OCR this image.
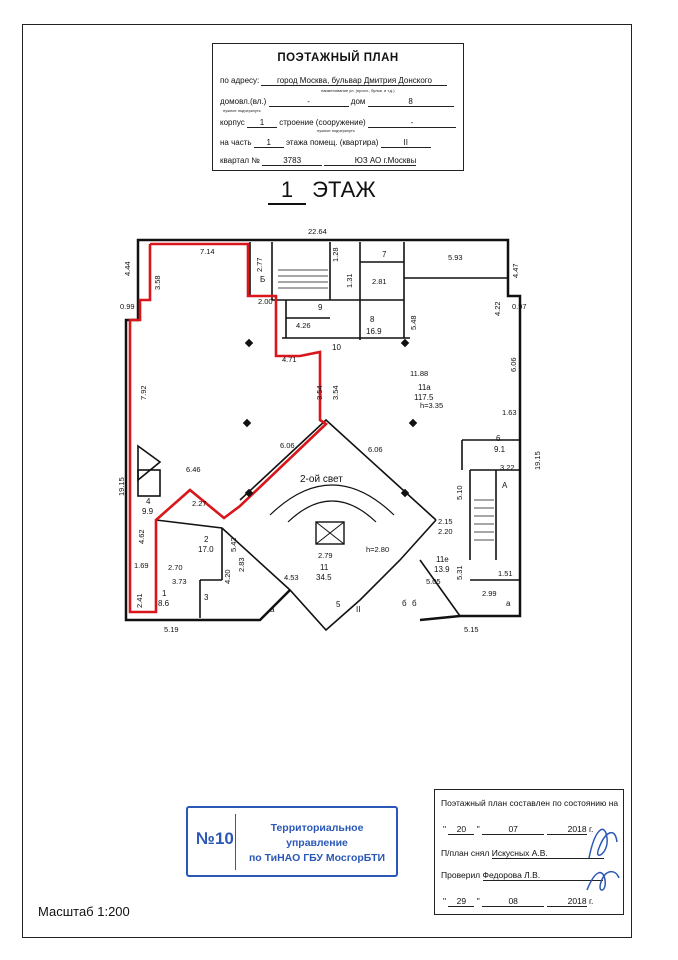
ПОЭТАЖНЫЙ ПЛАН
по адресу: город Москва, бульвар Дмитрия Донского
наименование ул. (просп., бульв. и т.д.)
домовл.(вл.)	-	дом	8
нужное подчеркнуть
корпус 1 строение (сооружение)	-
нужное подчеркнуть
на часть 1 этажа помещ. (квартира)	II
квартал №	3783	ЮЗ АО г.Москвы
1 ЭТАЖ
22.64
7.14
2.77
1.28
1.31
5.93
4.44
3.58
2.00
2.81
4.47
0.99	0.97
4.26
4.22
5.48
4.71
3.54 3.54
6.06
11.88
7.92
h=3.35
1.63
6.06
6.06
19.15
19.15
3.22
6.46
2.27
5.10
2.15
2.20
4.62
5.42
2.79
h=2.80
5.31
1.69	2.70	2.83
4.20	4.53	5.05
1.51
3.73
2.41	2.99
5.19	5.15
Б
7
9
8
16.9
10
11а
117.5
6
9.1
А
4
9.9
2
17.0
11
34.5
11е
13.9
1
8.6
3
5
2-ой свет
а
а
II
б б
№10
Территориальное
управление
по ТиНАО ГБУ МосгорБТИ
Поэтажный план составлен по состоянию на
" 20 "	07	2018 г.
П/план снял Искусных А.В.
Проверил Федорова Л.В.
" 29 "	08	2018 г.
Масштаб 1:200
